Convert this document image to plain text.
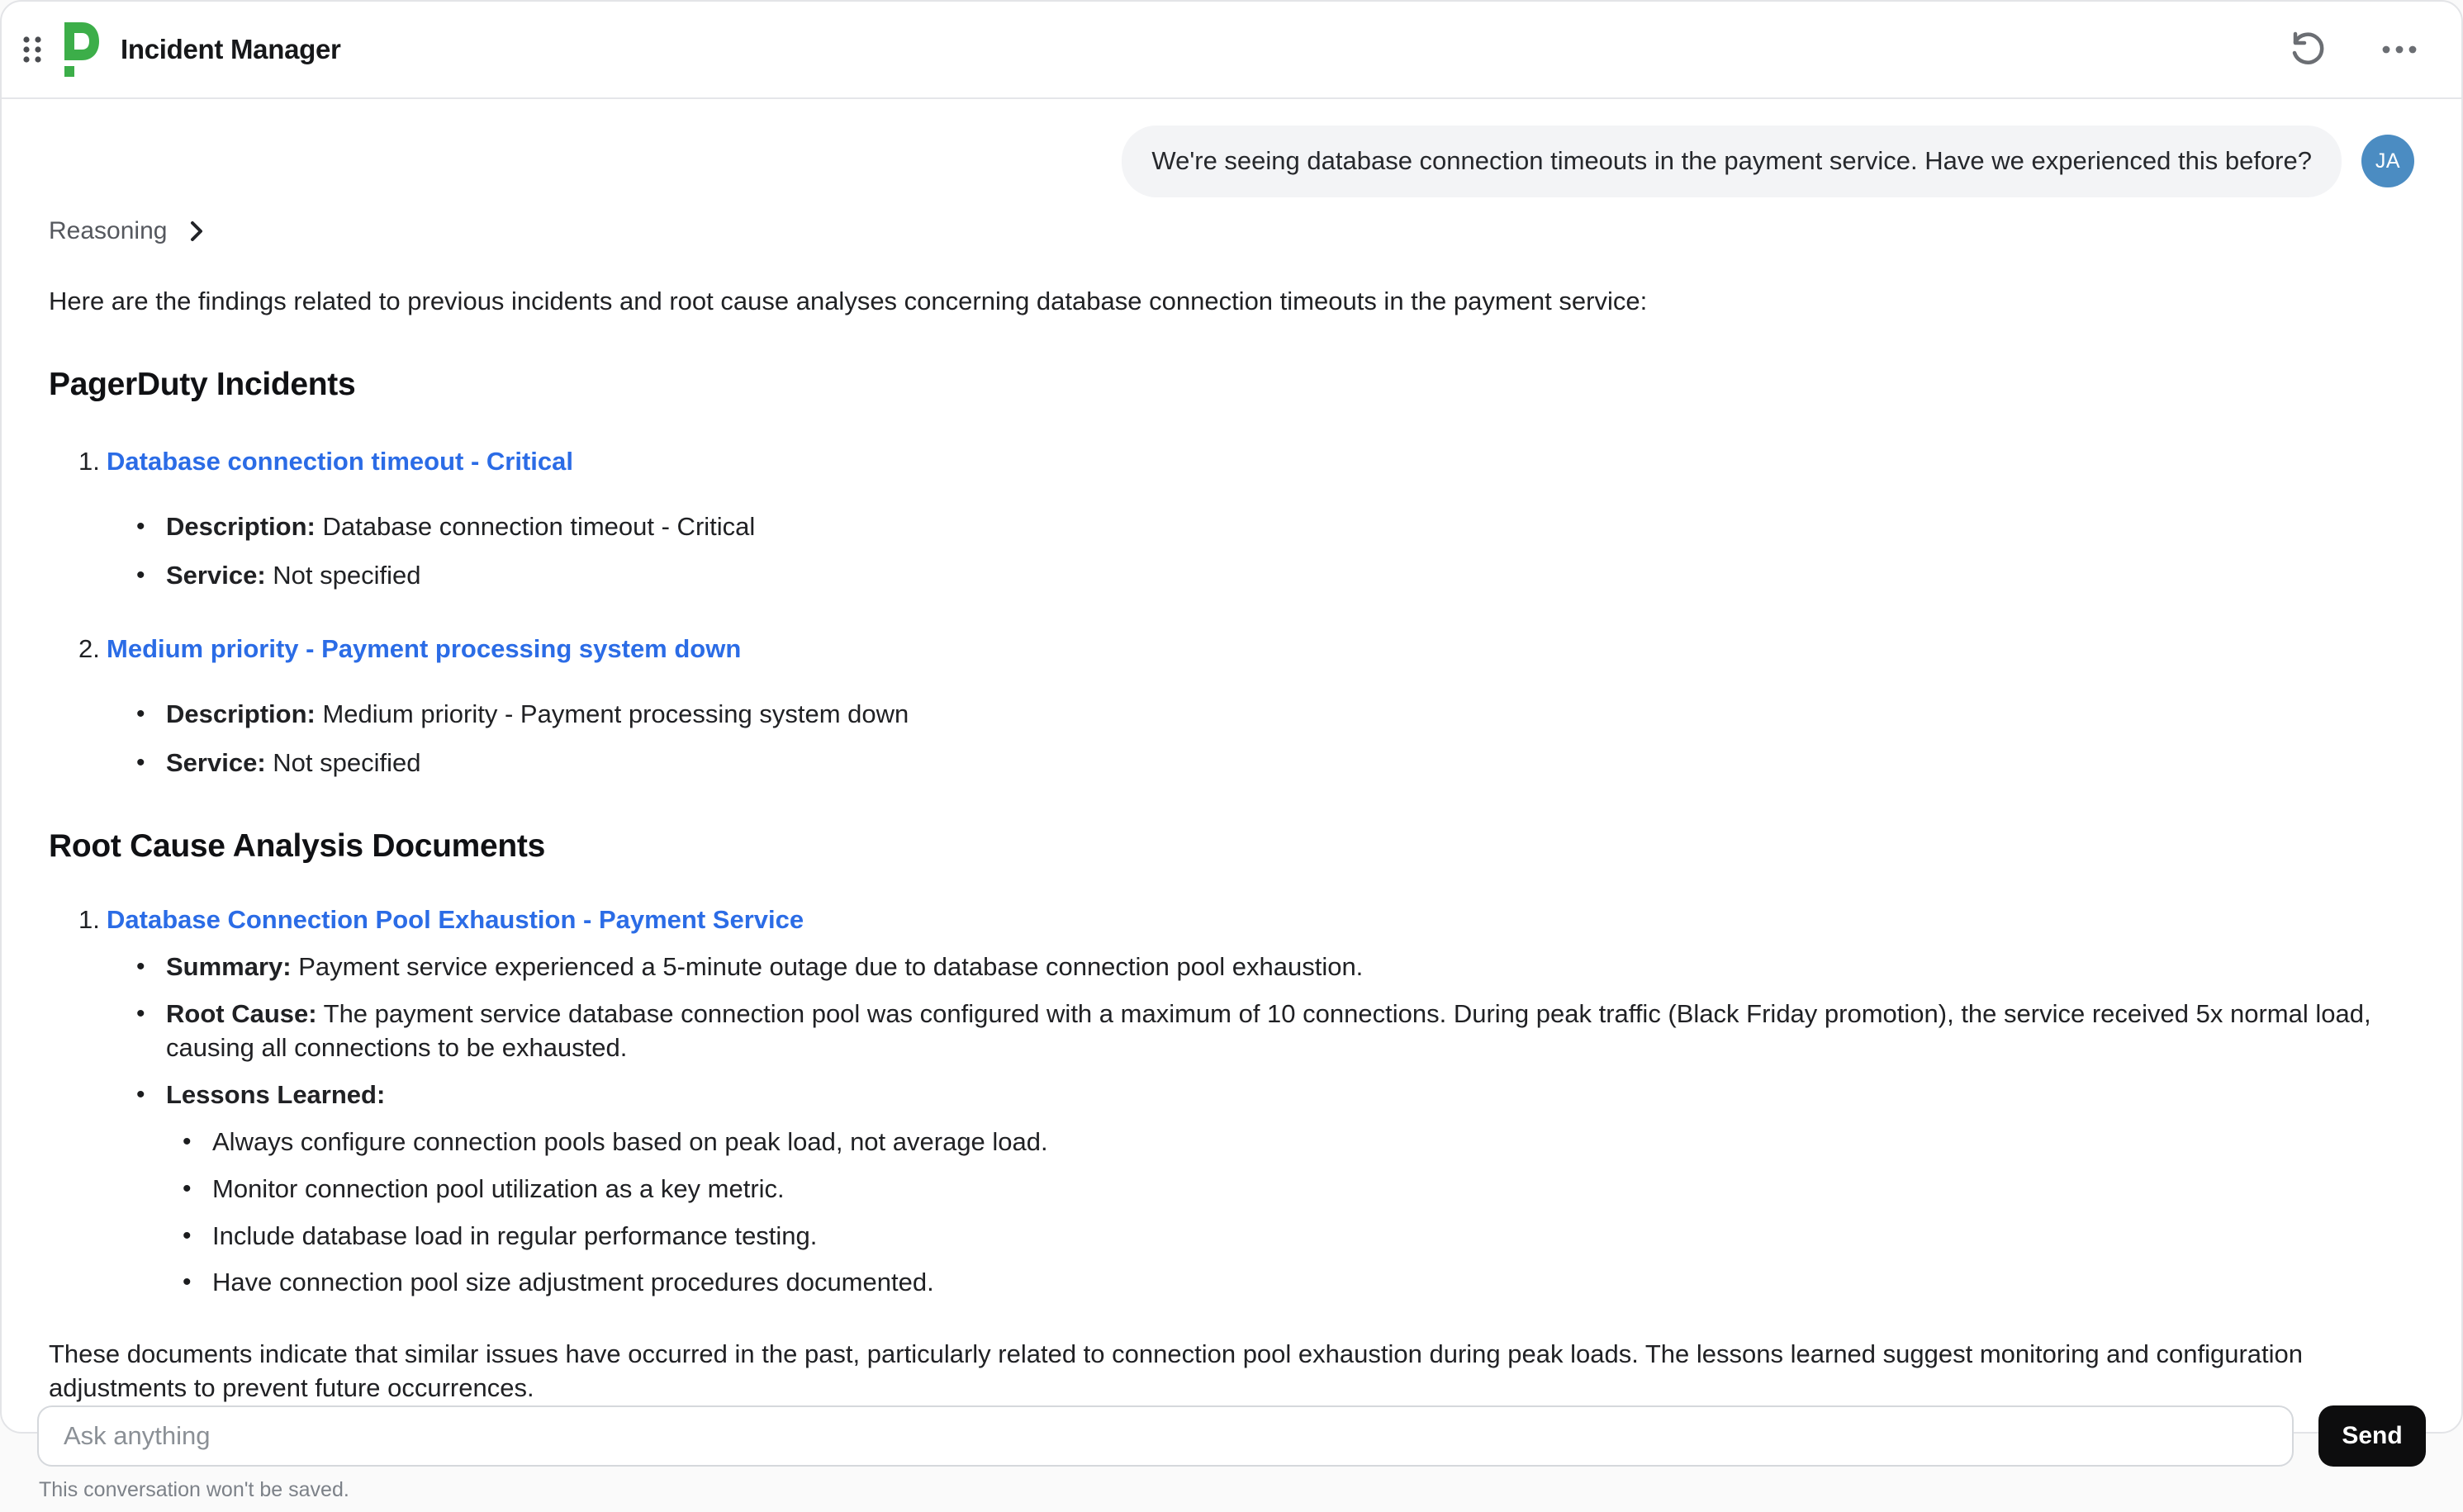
Incident Manager
We're seeing database connection timeouts in the payment service. Have we experienced this before?	JA
Reasoning

Here are the findings related to previous incidents and root cause analyses concerning database connection timeouts in the payment service:

PagerDuty Incidents
1. Database connection timeout - Critical
• Description: Database connection timeout - Critical
• Service: Not specified
2. Medium priority - Payment processing system down
• Description: Medium priority - Payment processing system down
• Service: Not specified
Root Cause Analysis Documents
1. Database Connection Pool Exhaustion - Payment Service
• Summary: Payment service experienced a 5-minute outage due to database connection pool exhaustion.
• Root Cause: The payment service database connection pool was configured with a maximum of 10 connections. During peak traffic (Black Friday promotion), the service received 5x normal load, causing all connections to be exhausted.
• Lessons Learned:
• Always configure connection pools based on peak load, not average load.
• Monitor connection pool utilization as a key metric.
• Include database load in regular performance testing.
• Have connection pool size adjustment procedures documented.

These documents indicate that similar issues have occurred in the past, particularly related to connection pool exhaustion during peak loads. The lessons learned suggest monitoring and configuration adjustments to prevent future occurrences.

Ask anything
Send
This conversation won't be saved.
